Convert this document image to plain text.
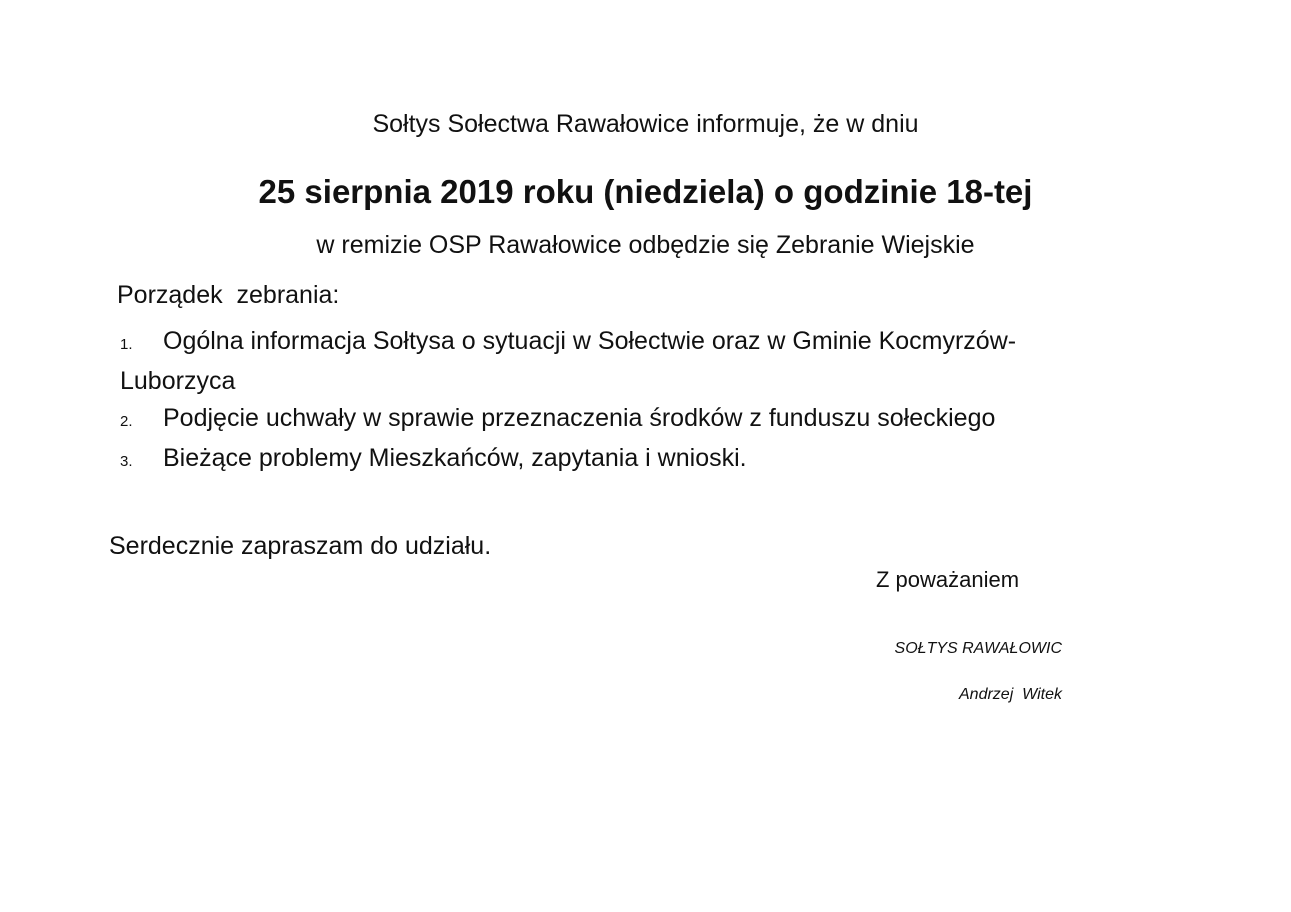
Sołtys Sołectwa Rawałowice informuje, że w dniu
25 sierpnia 2019 roku (niedziela) o godzinie 18-tej
w remizie OSP Rawałowice odbędzie się Zebranie Wiejskie
Porządek  zebrania:
1. Ogólna informacja Sołtysa o sytuacji w Sołectwie oraz w Gminie Kocmyrzów-
Luborzyca
2. Podjęcie uchwały w sprawie przeznaczenia środków z funduszu sołeckiego
3. Bieżące problemy Mieszkańców, zapytania i wnioski.
Serdecznie zapraszam do udziału.
Z poważaniem
SOŁTYS RAWAŁOWIC
Andrzej  Witek
